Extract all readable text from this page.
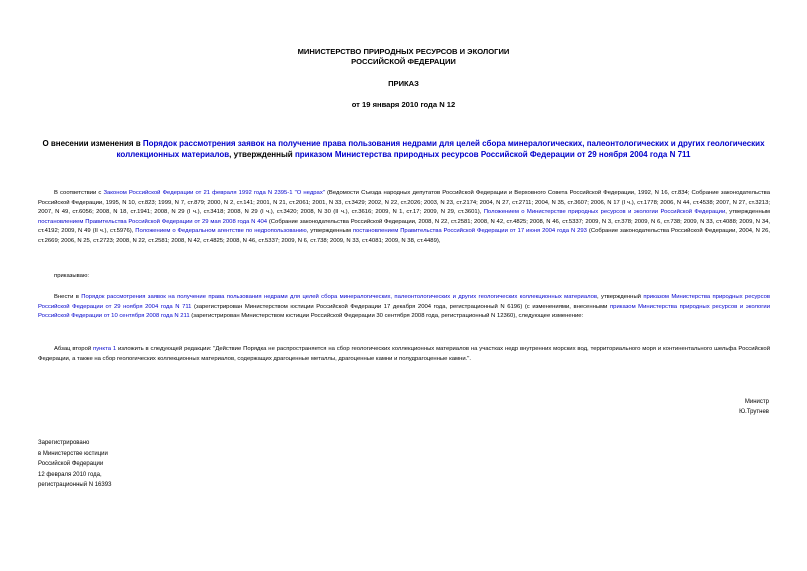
МИНИСТЕРСТВО ПРИРОДНЫХ РЕСУРСОВ И ЭКОЛОГИИ
РОССИЙСКОЙ ФЕДЕРАЦИИ
ПРИКАЗ
от 19 января 2010 года N 12
О внесении изменения в Порядок рассмотрения заявок на получение права пользования недрами для целей сбора минералогических, палеонтологических и других геологических коллекционных материалов, утвержденный приказом Министерства природных ресурсов Российской Федерации от 29 ноября 2004 года N 711
В соответствии с Законом Российской Федерации от 21 февраля 1992 года N 2395-1 "О недрах" (Ведомости Съезда народных депутатов Российской Федерации и Верховного Совета Российской Федерации, 1992, N 16, ст.834; Собрание законодательства Российской Федерации, 1995, N 10, ст.823; 1999, N 7, ст.879; 2000, N 2, ст.141; 2001, N 21, ст.2061; 2001, N 33, ст.3429; 2002, N 22, ст.2026; 2003, N 23, ст.2174; 2004, N 27, ст.2711; 2004, N 35, ст.3607; 2006, N 17 (I ч.), ст.1778; 2006, N 44, ст.4538; 2007, N 27, ст.3213; 2007, N 49, ст.6056; 2008, N 18, ст.1941; 2008, N 29 (I ч.), ст.3418; 2008, N 29 (I ч.), ст.3420; 2008, N 30 (II ч.), ст.3616; 2009, N 1, ст.17; 2009, N 29, ст.3601), Положением о Министерстве природных ресурсов и экологии Российской Федерации, утвержденным постановлением Правительства Российской Федерации от 29 мая 2008 года N 404 (Собрание законодательства Российской Федерации, 2008, N 22, ст.2581; 2008, N 42, ст.4825; 2008, N 46, ст.5337; 2009, N 3, ст.378; 2009, N 6, ст.738; 2009, N 33, ст.4088; 2009, N 34, ст.4192; 2009, N 49 (II ч.), ст.5976), Положением о Федеральном агентстве по недропользованию, утвержденным постановлением Правительства Российской Федерации от 17 июня 2004 года N 293 (Собрание законодательства Российской Федерации, 2004, N 26, ст.2669; 2006, N 25, ст.2723; 2008, N 22, ст.2581; 2008, N 42, ст.4825; 2008, N 46, ст.5337; 2009, N 6, ст.738; 2009, N 33, ст.4081; 2009, N 38, ст.4489),
приказываю:
Внести в Порядок рассмотрения заявок на получение права пользования недрами для целей сбора минералогических, палеонтологических и других геологических коллекционных материалов, утвержденный приказом Министерства природных ресурсов Российской Федерации от 29 ноября 2004 года N 711 (зарегистрирован Министерством юстиции Российской Федерации 17 декабря 2004 года, регистрационный N 6196) (с изменениями, внесенными приказом Министерства природных ресурсов и экологии Российской Федерации от 10 сентября 2008 года N 211 (зарегистрирован Министерством юстиции Российской Федерации 30 сентября 2008 года, регистрационный N 12360), следующее изменение:
Абзац второй пункта 1 изложить в следующей редакции: "Действие Порядка не распространяется на сбор геологических коллекционных материалов на участках недр внутренних морских вод, территориального моря и континентального шельфа Российской Федерации, а также на сбор геологических коллекционных материалов, содержащих драгоценные металлы, драгоценные камни и полудрагоценные камни.".
Министр
Ю.Трутнев
Зарегистрировано
в Министерстве юстиции
Российской Федерации
12 февраля 2010 года,
регистрационный N 16393
